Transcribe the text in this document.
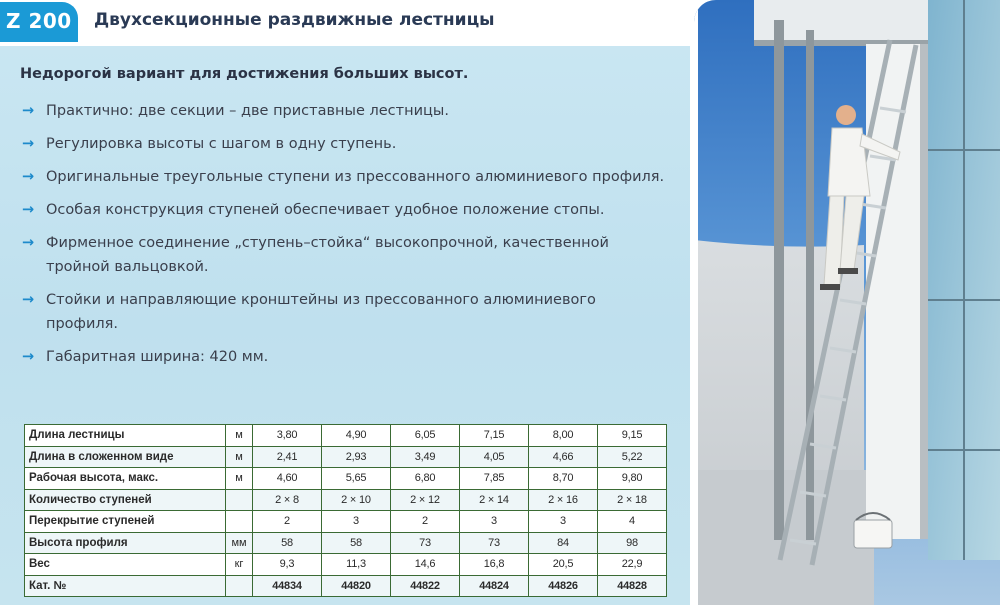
Z 200 Двухсекционные раздвижные лестницы
Недорогой вариант для достижения больших высот.
→ Практично: две секции – две приставные лестницы.
→ Регулировка высоты с шагом в одну ступень.
→ Оригинальные треугольные ступени из прессованного алюминиевого профиля.
→ Особая конструкция ступеней обеспечивает удобное положение стопы.
→ Фирменное соединение „ступень–стойка“ высокопрочной, качественной тройной вальцовкой.
→ Стойки и направляющие кронштейны из прессованного алюминиевого профиля.
→ Габаритная ширина: 420 мм.
Длина лестницы	м	3,80	4,90	6,05	7,15	8,00	9,15
Длина в сложенном виде	м	2,41	2,93	3,49	4,05	4,66	5,22
Рабочая высота, макс.	м	4,60	5,65	6,80	7,85	8,70	9,80
Количество ступеней		2 × 8	2 × 10	2 × 12	2 × 14	2 × 16	2 × 18
Перекрытие ступеней		2	3	2	3	3	4
Высота профиля	мм	58	58	73	73	84	98
Вес	кг	9,3	11,3	14,6	16,8	20,5	22,9
Кат. №		44834	44820	44822	44824	44826	44828
